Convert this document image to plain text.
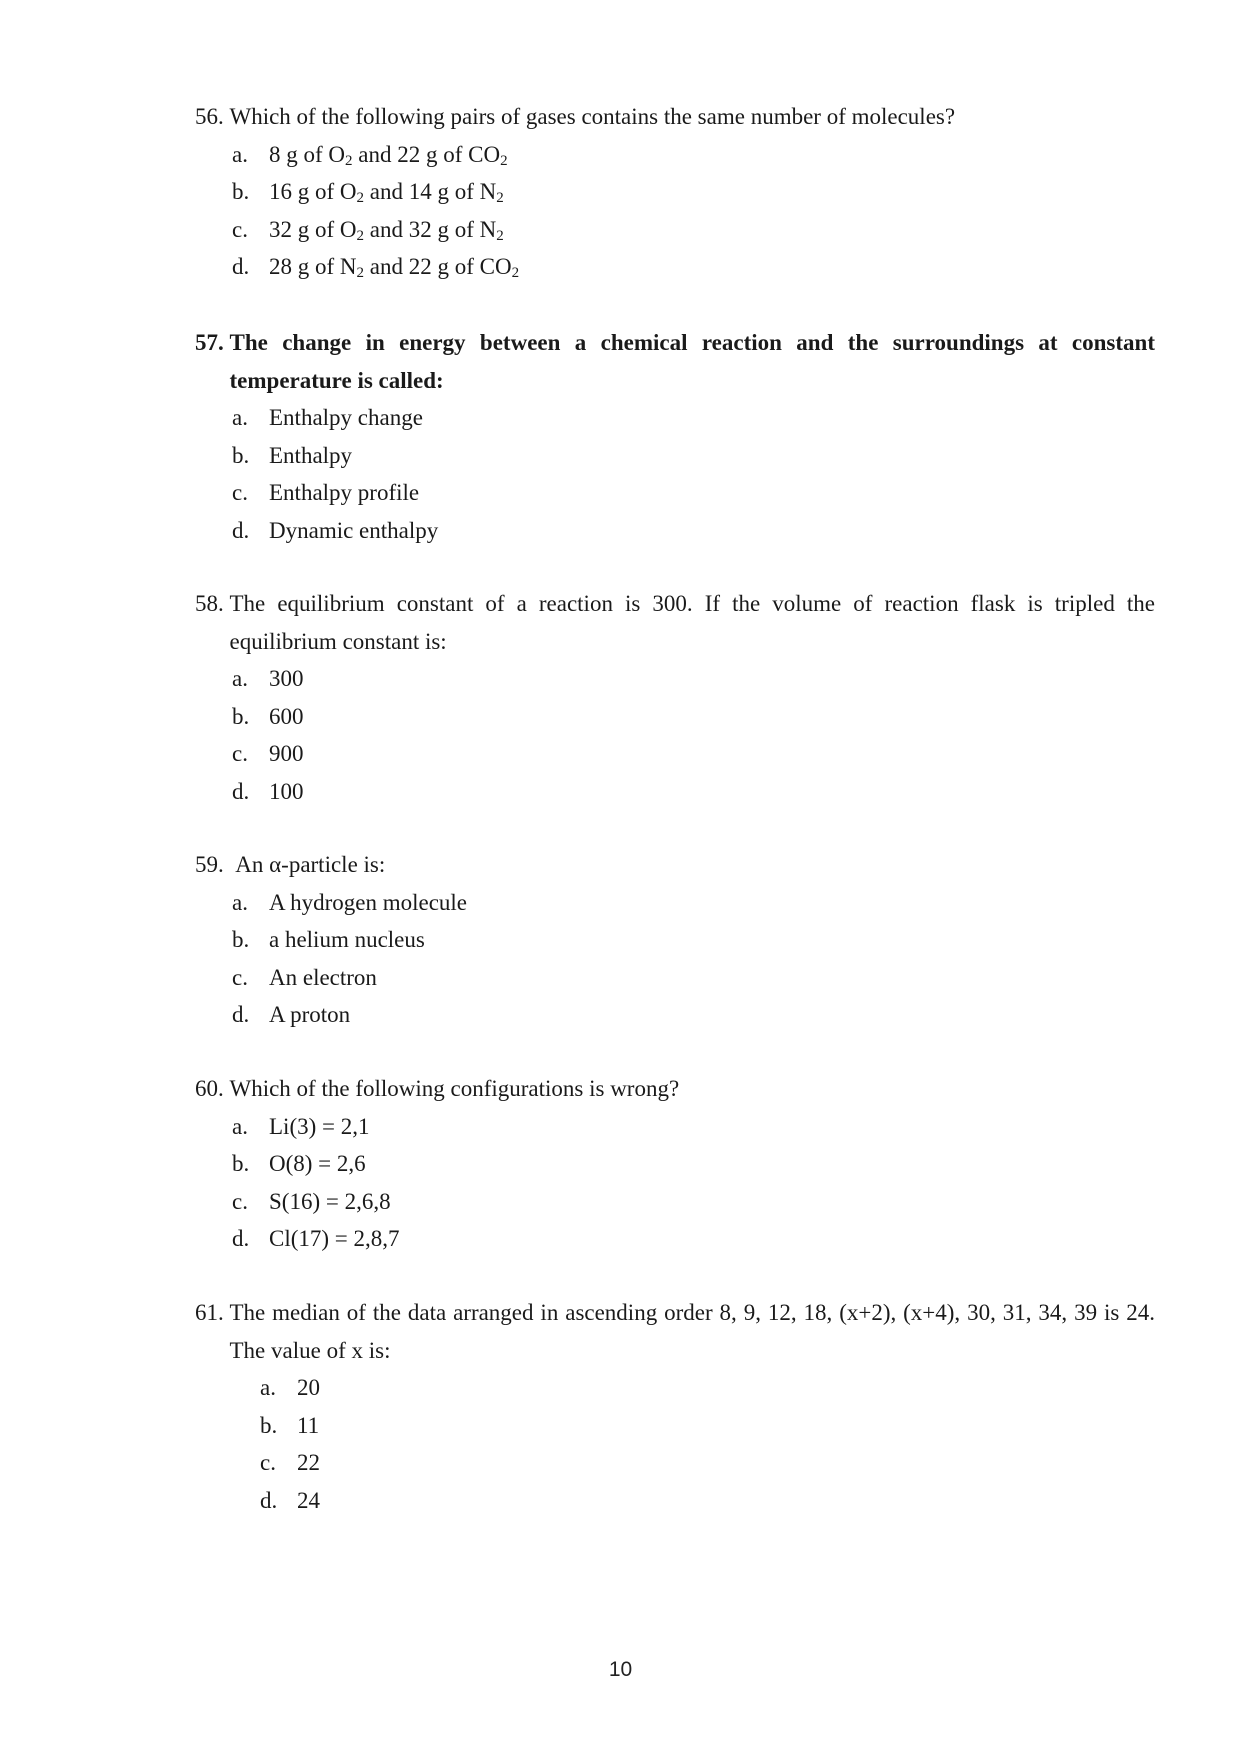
56.
Which of the following pairs of gases contains the same number of molecules?
a. 8 g of $O_2$ and 22 g of $CO_2$
b. 16 g of $O_2$ and 14 g of $N_2$
c. 32 g of $O_2$ and 32 g of $N_2$
d. 28 g of $N_2$ and 22 g of $CO_2$
57.
The change in energy between a chemical reaction and the surroundings at constant temperature is called:
a. Enthalpy change
b. Enthalpy
c. Enthalpy profile
d. Dynamic enthalpy
58.
The equilibrium constant of a reaction is 300. If the volume of reaction flask is tripled the equilibrium constant is:
a. 300
b. 600
c. 900
d. 100
59.
An α-particle is:
a. A hydrogen molecule
b. a helium nucleus
c. An electron
d. A proton
60.
Which of the following configurations is wrong?
a. Li(3) = 2,1
b. O(8) = 2,6
c. S(16) = 2,6,8
d. Cl(17) = 2,8,7
61.
The median of the data arranged in ascending order 8, 9, 12, 18, (x+2), (x+4), 30, 31, 34, 39 is 24. The value of x is:
a. 20
b. 11
c. 22
d. 24
10
